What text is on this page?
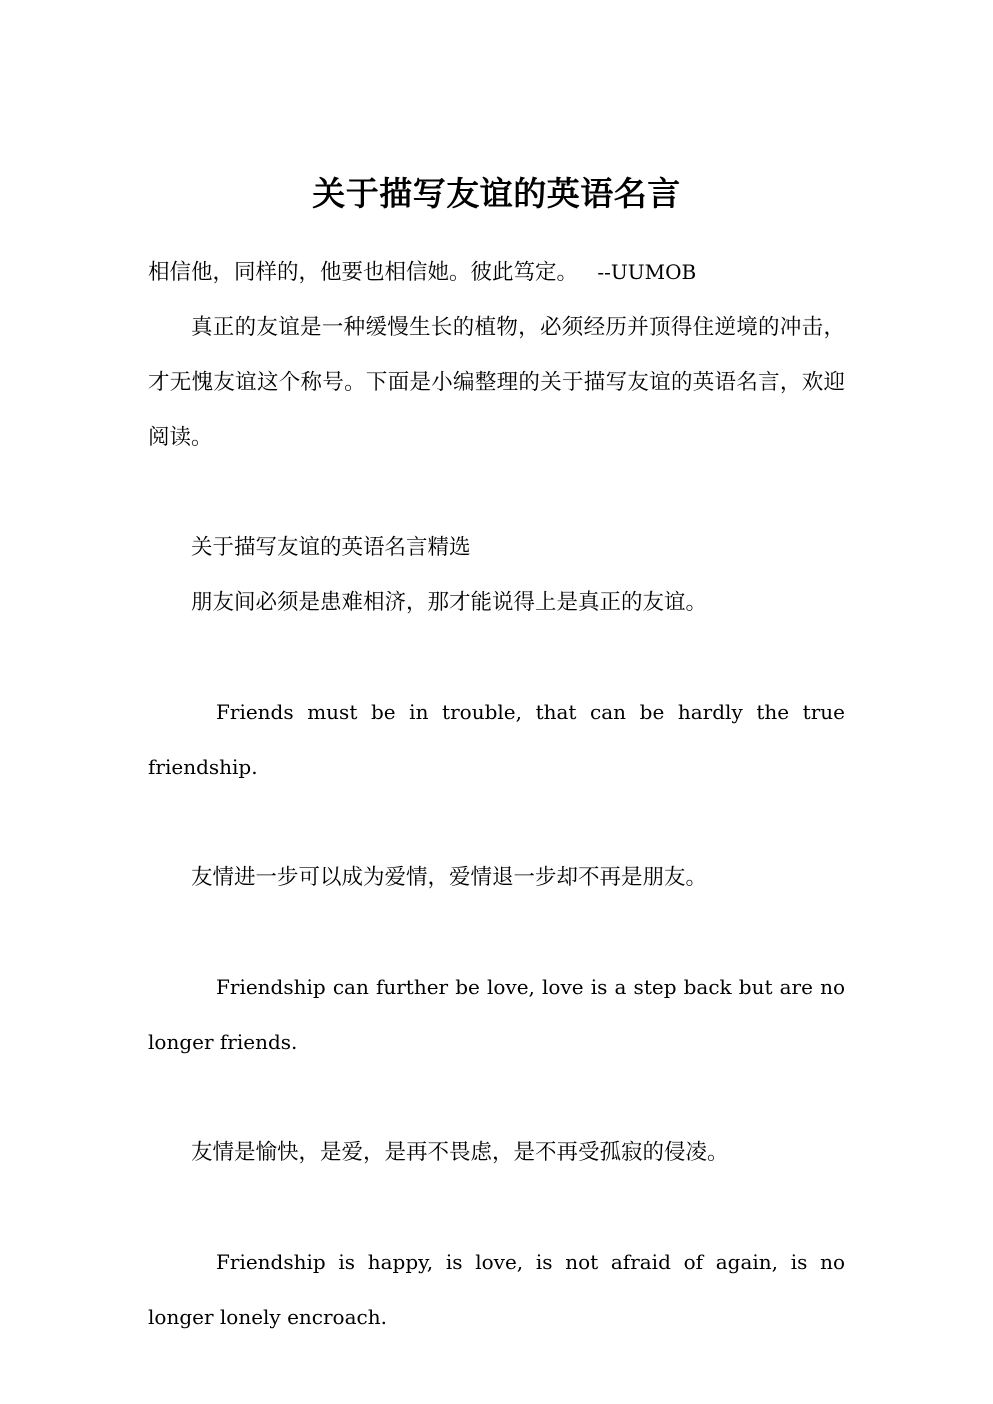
关于描写友谊的英语名言

相信他，同样的，他要也相信她。彼此笃定。 --UUMOB

真正的友谊是一种缓慢生长的植物，必须经历并顶得住逆境的冲击，才无愧友谊这个称号。下面是小编整理的关于描写友谊的英语名言，欢迎阅读。

关于描写友谊的英语名言精选

朋友间必须是患难相济，那才能说得上是真正的友谊。

Friends must be in trouble, that can be hardly the true friendship.

友情进一步可以成为爱情，爱情退一步却不再是朋友。

Friendship can further be love, love is a step back but are no longer friends.

友情是愉快，是爱，是再不畏虑，是不再受孤寂的侵凌。

Friendship is happy, is love, is not afraid of again, is no longer lonely encroach.
